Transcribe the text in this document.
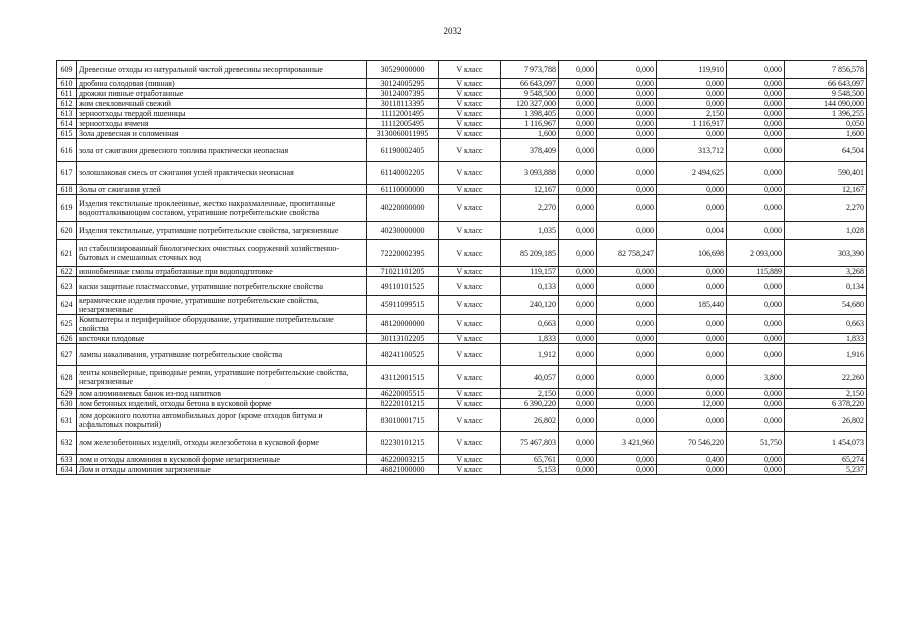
2032
609	Древесные отходы из натуральной чистой древесины несортированные	30529000000	V класс	7 973,788	0,000	0,000	119,910	0,000	7 856,578
610	дробина солодовая (пивная)	30124005295	V класс	66 643,097	0,000	0,000	0,000	0,000	66 643,097
611	дрожжи пивные отработанные	30124007395	V класс	9 548,500	0,000	0,000	0,000	0,000	9 548,500
612	жом свекловичный свежий	30118113395	V класс	120 327,000	0,000	0,000	0,000	0,000	144 090,000
613	зерноотходы твердой пшеницы	11112001495	V класс	1 398,405	0,000	0,000	2,150	0,000	1 396,255
614	зерноотходы ячменя	11112005495	V класс	1 116,967	0,000	0,000	1 116,917	0,000	0,050
615	Зола древесная и соломенная	3130060011995	V класс	1,600	0,000	0,000	0,000	0,000	1,600
616	зола от сжигания древесного топлива практически неопасная	61190002405	V класс	378,409	0,000	0,000	313,712	0,000	64,504
617	золошлаковая смесь от сжигания углей практически неопасная	61140002205	V класс	3 093,888	0,000	0,000	2 494,625	0,000	590,401
618	Золы от сжигания углей	61110000000	V класс	12,167	0,000	0,000	0,000	0,000	12,167
619	Изделия текстильные проклеенные, жестко накрахмаленные, пропитанные водоотталкивающим составом, утратившие потребительские свойства	40220000000	V класс	2,270	0,000	0,000	0,000	0,000	2,270
620	Изделия текстильные, утратившие потребительские свойства, загрязненные	40230000000	V класс	1,035	0,000	0,000	0,004	0,000	1,028
621	ил стабилизированный биологических очистных сооружений хозяйственно-бытовых и смешанных сточных вод	72220002395	V класс	85 209,185	0,000	82 758,247	106,698	2 093,000	303,390
622	ионообменные смолы отработанные при водоподготовке	71021101205	V класс	119,157	0,000	0,000	0,000	115,889	3,268
623	каски защитные пластмассовые, утратившие потребительские свойства	49110101525	V класс	0,133	0,000	0,000	0,000	0,000	0,134
624	керамические изделия прочие, утратившие потребительские свойства, незагрязненные	45911099515	V класс	240,120	0,000	0,000	185,440	0,000	54,680
625	Компьютеры и периферийное оборудование, утратившие потребительские свойства	48120000000	V класс	0,663	0,000	0,000	0,000	0,000	0,663
626	косточки плодовые	30113102205	V класс	1,833	0,000	0,000	0,000	0,000	1,833
627	лампы накаливания, утратившие потребительские свойства	48241100525	V класс	1,912	0,000	0,000	0,000	0,000	1,916
628	ленты конвейерные, приводные ремни, утратившие потребительские свойства, незагрязненные	43112001515	V класс	40,057	0,000	0,000	0,000	3,800	22,260
629	лом алюминиевых банок из-под напитков	46220005515	V класс	2,150	0,000	0,000	0,000	0,000	2,150
630	лом бетонных изделий, отходы бетона в кусковой форме	82220101215	V класс	6 390,220	0,000	0,000	12,000	0,000	6 378,220
631	лом дорожного полотна автомобильных дорог (кроме отходов битума и асфальтовых покрытий)	83010001715	V класс	26,802	0,000	0,000	0,000	0,000	26,802
632	лом железобетонных изделий, отходы железобетона в кусковой форме	82230101215	V класс	75 467,803	0,000	3 421,960	70 546,220	51,750	1 454,073
633	лом и отходы алюминия в кусковой форме незагрязненные	46220003215	V класс	65,761	0,000	0,000	0,400	0,000	65,274
634	Лом и отходы алюминия загрязненные	46821000000	V класс	5,153	0,000	0,000	0,000	0,000	5,237
